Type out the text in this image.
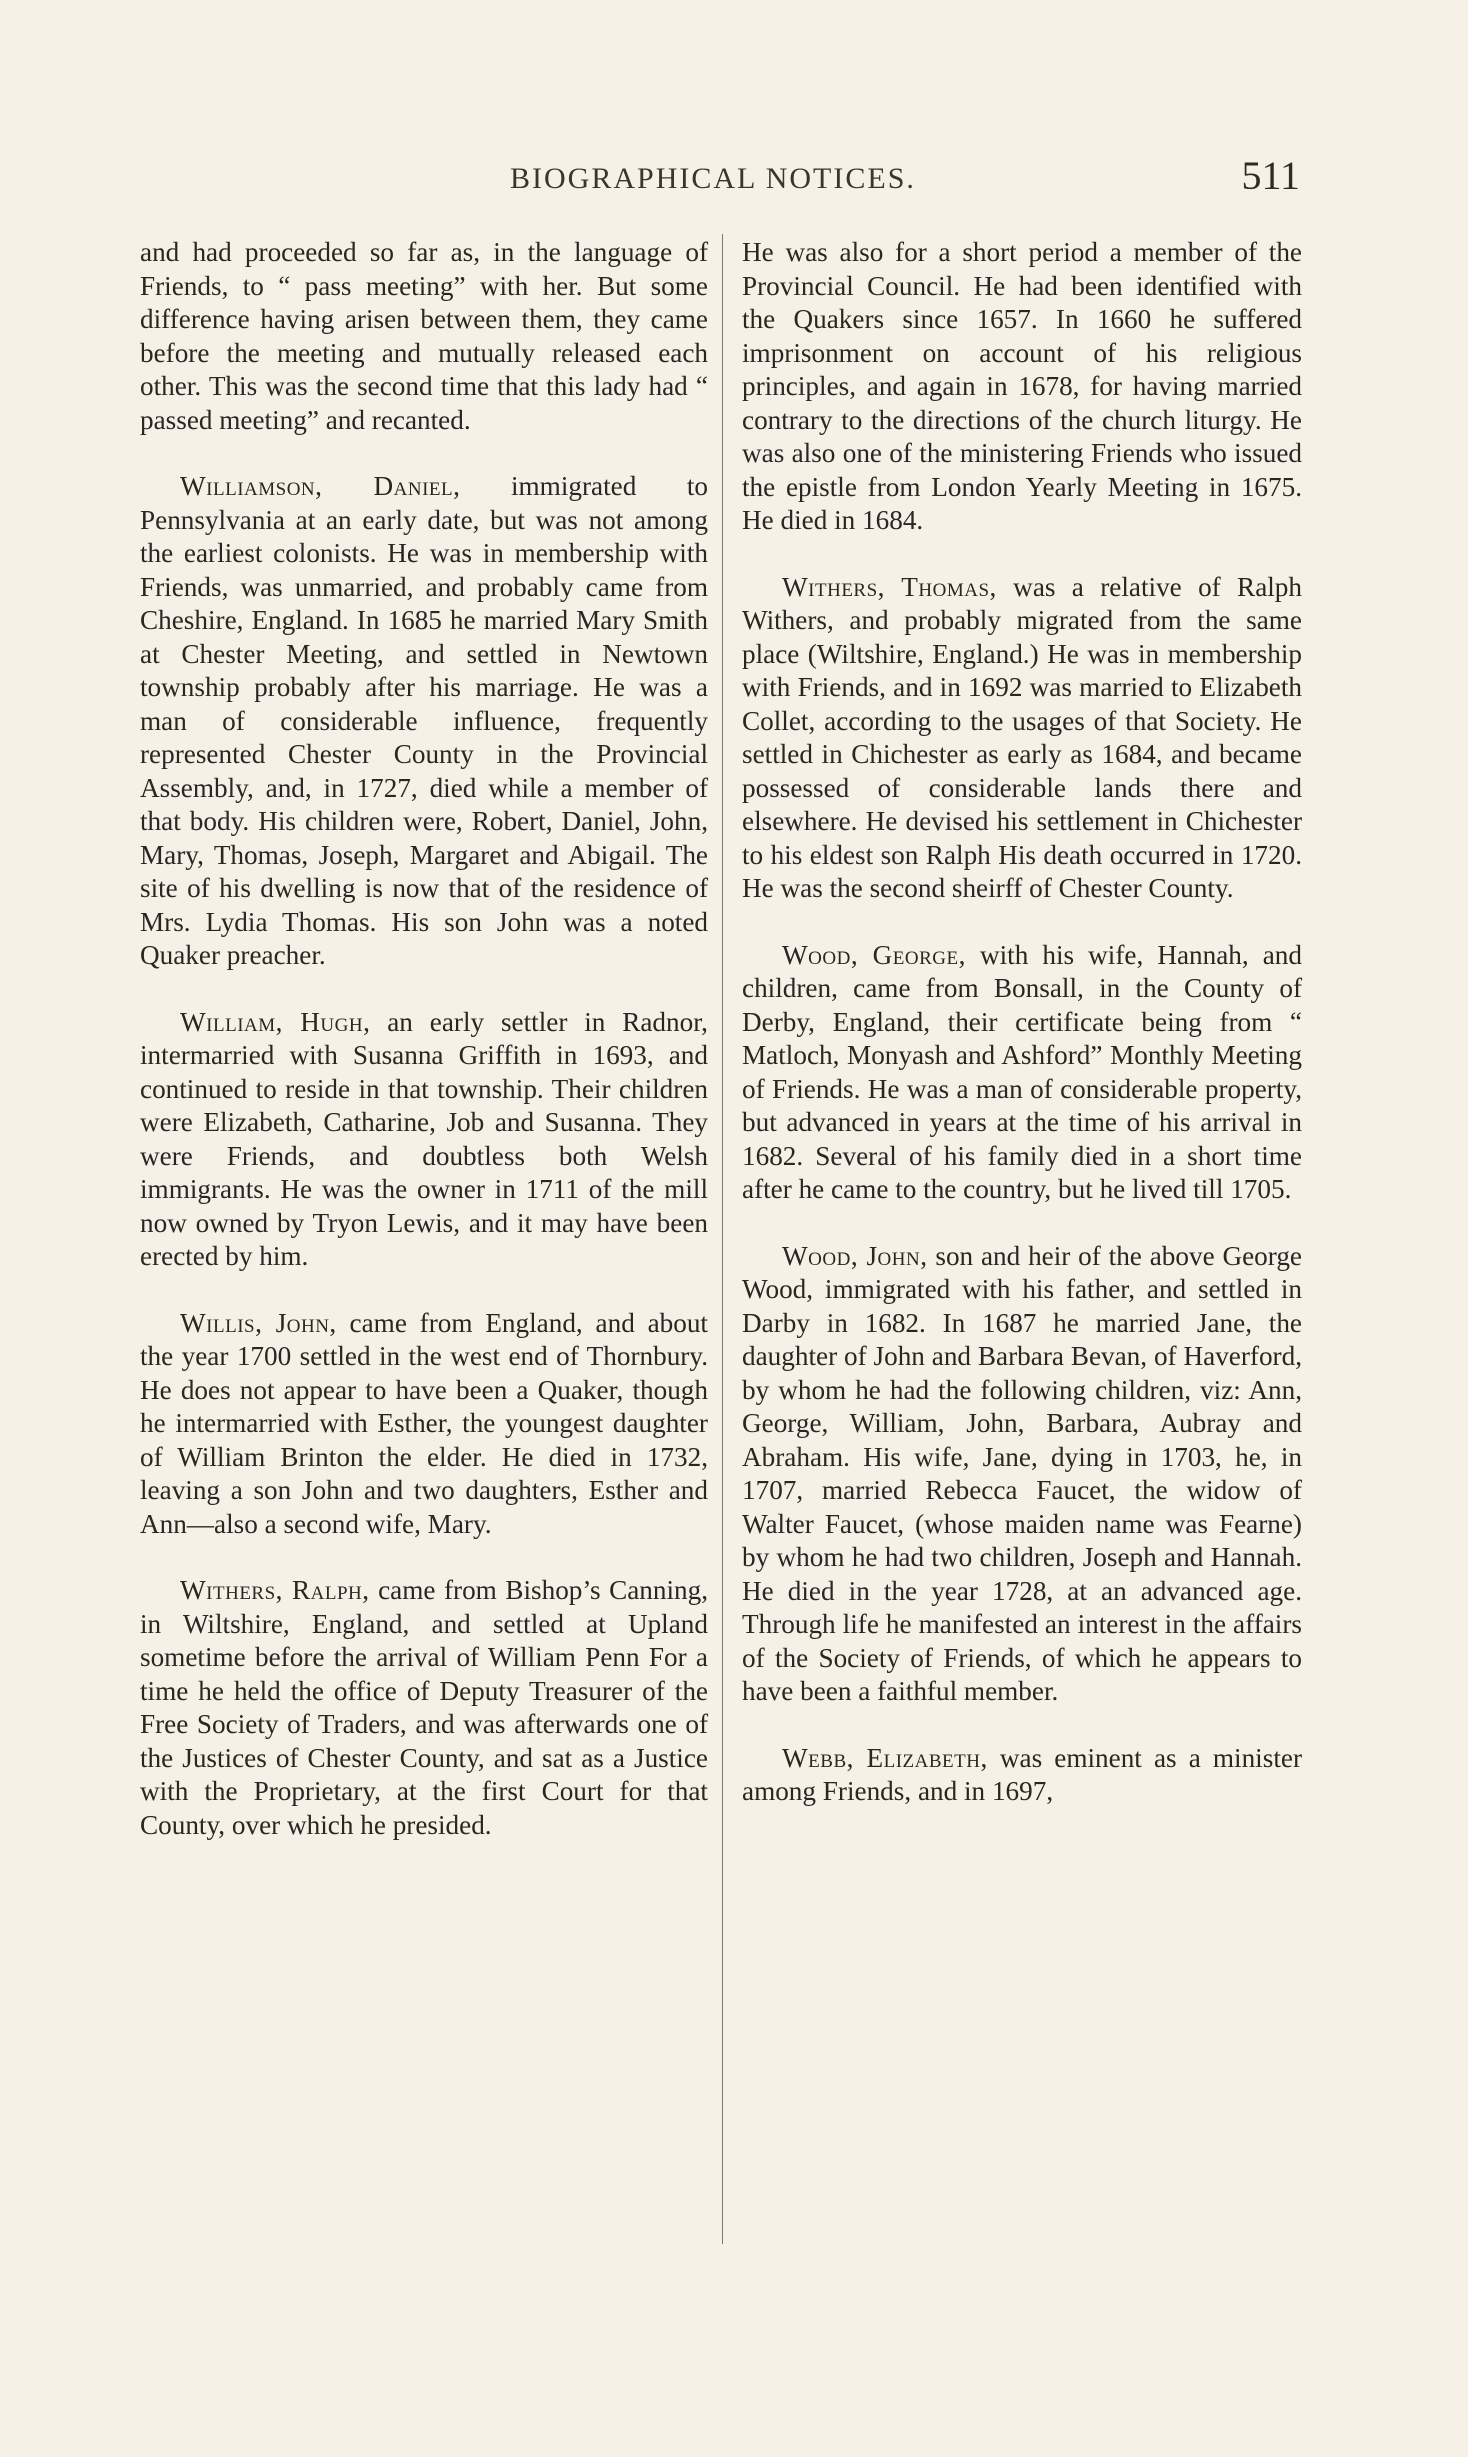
BIOGRAPHICAL NOTICES.	511

and had proceeded so far as, in the language of Friends, to “ pass meeting” with her. But some difference having arisen between them, they came before the meeting and mutually released each other. This was the second time that this lady had “ passed meeting” and recanted.

Williamson, Daniel, immigrated to Pennsylvania at an early date, but was not among the earliest colonists. He was in membership with Friends, was unmarried, and probably came from Cheshire, England. In 1685 he married Mary Smith at Chester Meeting, and settled in Newtown township probably after his marriage. He was a man of considerable influence, frequently represented Chester County in the Provincial Assembly, and, in 1727, died while a member of that body. His children were, Robert, Daniel, John, Mary, Thomas, Joseph, Margaret and Abigail. The site of his dwelling is now that of the residence of Mrs. Lydia Thomas. His son John was a noted Quaker preacher.

William, Hugh, an early settler in Radnor, intermarried with Susanna Griffith in 1693, and continued to reside in that township. Their children were Elizabeth, Catharine, Job and Susanna. They were Friends, and doubtless both Welsh immigrants. He was the owner in 1711 of the mill now owned by Tryon Lewis, and it may have been erected by him.

Willis, John, came from England, and about the year 1700 settled in the west end of Thornbury. He does not appear to have been a Quaker, though he intermarried with Esther, the youngest daughter of William Brinton the elder. He died in 1732, leaving a son John and two daughters, Esther and Ann—also a second wife, Mary.

Withers, Ralph, came from Bishop’s Canning, in Wiltshire, England, and settled at Upland sometime before the arrival of William Penn For a time he held the office of Deputy Treasurer of the Free Society of Traders, and was afterwards one of the Justices of Chester County, and sat as a Justice with the Proprietary, at the first Court for that County, over which he presided.

He was also for a short period a member of the Provincial Council. He had been identified with the Quakers since 1657. In 1660 he suffered imprisonment on account of his religious principles, and again in 1678, for having married contrary to the directions of the church liturgy. He was also one of the ministering Friends who issued the epistle from London Yearly Meeting in 1675. He died in 1684.

Withers, Thomas, was a relative of Ralph Withers, and probably migrated from the same place (Wiltshire, England.) He was in membership with Friends, and in 1692 was married to Elizabeth Collet, according to the usages of that Society. He settled in Chichester as early as 1684, and became possessed of considerable lands there and elsewhere. He devised his settlement in Chichester to his eldest son Ralph His death occurred in 1720. He was the second sheirff of Chester County.

Wood, George, with his wife, Hannah, and children, came from Bonsall, in the County of Derby, England, their certificate being from “ Matloch, Monyash and Ashford” Monthly Meeting of Friends. He was a man of considerable property, but advanced in years at the time of his arrival in 1682. Several of his family died in a short time after he came to the country, but he lived till 1705.

Wood, John, son and heir of the above George Wood, immigrated with his father, and settled in Darby in 1682. In 1687 he married Jane, the daughter of John and Barbara Bevan, of Haverford, by whom he had the following children, viz: Ann, George, William, John, Barbara, Aubray and Abraham. His wife, Jane, dying in 1703, he, in 1707, married Rebecca Faucet, the widow of Walter Faucet, (whose maiden name was Fearne) by whom he had two children, Joseph and Hannah. He died in the year 1728, at an advanced age. Through life he manifested an interest in the affairs of the Society of Friends, of which he appears to have been a faithful member.

Webb, Elizabeth, was eminent as a minister among Friends, and in 1697,
